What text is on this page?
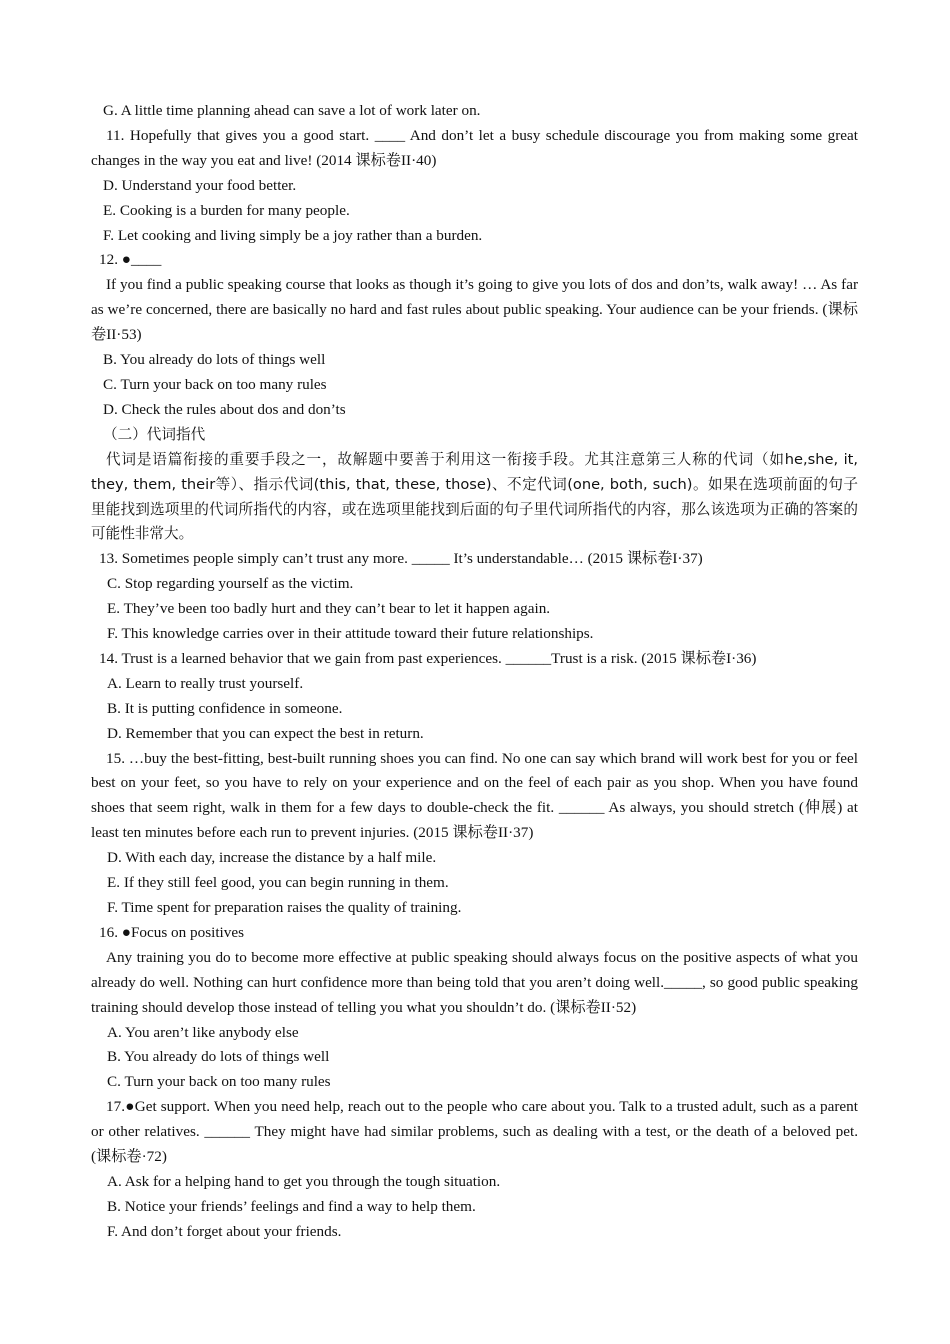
G. A little time planning ahead can save a lot of work later on.
11. Hopefully that gives you a good start. ____ And don’t let a busy schedule discourage you from making some great changes in the way you eat and live! (2014 课标卷II·40)
D. Understand your food better.
E. Cooking is a burden for many people.
F. Let cooking and living simply be a joy rather than a burden.
12. ●____
If you find a public speaking course that looks as though it’s going to give you lots of dos and don’ts, walk away! … As far as we’re concerned, there are basically no hard and fast rules about public speaking. Your audience can be your friends. (课标卷II·53)
B. You already do lots of things well
C. Turn your back on too many rules
D. Check the rules about dos and don’ts
（二）代词指代
代词是语篇衔接的重要手段之一，故解题中要善于利用这一衔接手段。尤其注意第三人称的代词（如he,she, it, they, them, their等）、指示代词(this, that, these, those)、不定代词(one, both, such)。如果在选项前面的句子里能找到选项里的代词所指代的内容，或在选项里能找到后面的句子里代词所指代的内容，那么该选项为正确的答案的可能性非常大。
13. Sometimes people simply can’t trust any more. _____ It’s understandable… (2015 课标卷I·37)
C. Stop regarding yourself as the victim.
E. They’ve been too badly hurt and they can’t bear to let it happen again.
F. This knowledge carries over in their attitude toward their future relationships.
14. Trust is a learned behavior that we gain from past experiences. ______Trust is a risk. (2015 课标卷I·36)
A. Learn to really trust yourself.
B. It is putting confidence in someone.
D. Remember that you can expect the best in return.
15. …buy the best-fitting, best-built running shoes you can find. No one can say which brand will work best for you or feel best on your feet, so you have to rely on your experience and on the feel of each pair as you shop. When you have found shoes that seem right, walk in them for a few days to double-check the fit. ______ As always, you should stretch (伸展) at least ten minutes before each run to prevent injuries. (2015 课标卷II·37)
D. With each day, increase the distance by a half mile.
E. If they still feel good, you can begin running in them.
F. Time spent for preparation raises the quality of training.
16. ●Focus on positives
Any training you do to become more effective at public speaking should always focus on the positive aspects of what you already do well. Nothing can hurt confidence more than being told that you aren’t doing well._____, so good public speaking training should develop those instead of telling you what you shouldn’t do. (课标卷II·52)
A. You aren’t like anybody else
B. You already do lots of things well
C. Turn your back on too many rules
17.●Get support. When you need help, reach out to the people who care about you. Talk to a trusted adult, such as a parent or other relatives. ______ They might have had similar problems, such as dealing with a test, or the death of a beloved pet. (课标卷·72)
A. Ask for a helping hand to get you through the tough situation.
B. Notice your friends’ feelings and find a way to help them.
F. And don’t forget about your friends.
